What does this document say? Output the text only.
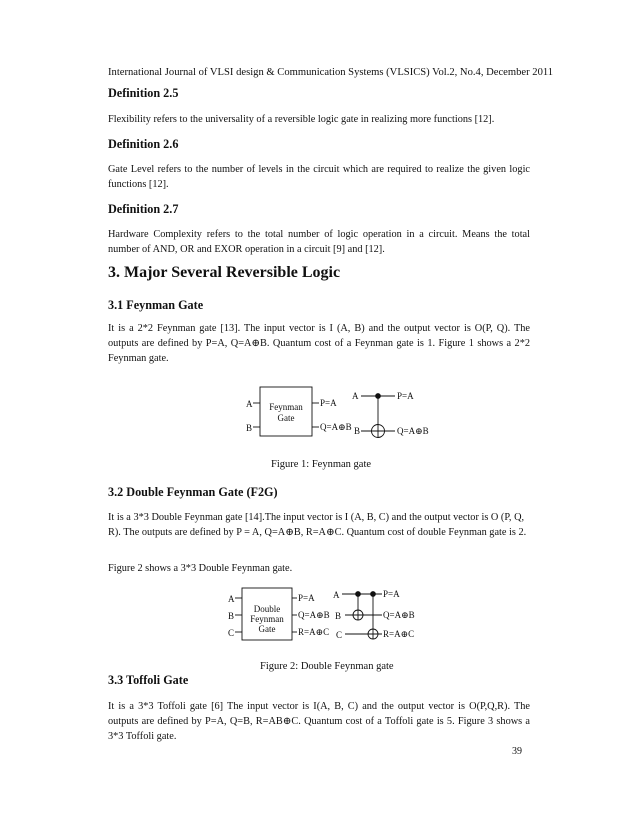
International Journal of VLSI design & Communication Systems (VLSICS) Vol.2, No.4, December 2011
Definition 2.5
Flexibility refers to the universality of a reversible logic gate in realizing more functions [12].
Definition 2.6
Gate Level refers to the number of levels in the circuit which are required to realize the given logic functions [12].
Definition 2.7
Hardware Complexity refers to the total number of logic operation in a circuit. Means the total number of AND, OR and EXOR operation in a circuit [9] and [12].
3. Major Several Reversible Logic
3.1 Feynman Gate
It is a 2*2 Feynman gate [13]. The input vector is I (A, B) and the output vector is O(P, Q). The outputs are defined by P=A, Q=A⊕B. Quantum cost of a Feynman gate is 1. Figure 1 shows a 2*2 Feynman gate.
Feynman
Gate
A
B
P=A
Q=A⊕B
A
B
P=A
Q=A⊕B
Figure 1: Feynman gate
3.2 Double Feynman Gate (F2G)
It is a 3*3 Double Feynman gate [14].The input vector is I (A, B, C) and the output vector is O (P, Q, R). The outputs are defined by P = A, Q=A⊕B, R=A⊕C. Quantum cost of double Feynman gate is 2.
Figure 2 shows a 3*3 Double Feynman gate.
Double
Feynman
Gate
A
B
C
P=A
Q=A⊕B
R=A⊕C
A
B
C
P=A
Q=A⊕B
R=A⊕C
Figure 2: Double Feynman gate
3.3 Toffoli Gate
It is a 3*3 Toffoli gate [6] The input vector is I(A, B, C) and the output vector is O(P,Q,R). The outputs are defined by P=A, Q=B, R=AB⊕C. Quantum cost of a Toffoli gate is 5. Figure 3 shows a 3*3 Toffoli gate.
39
